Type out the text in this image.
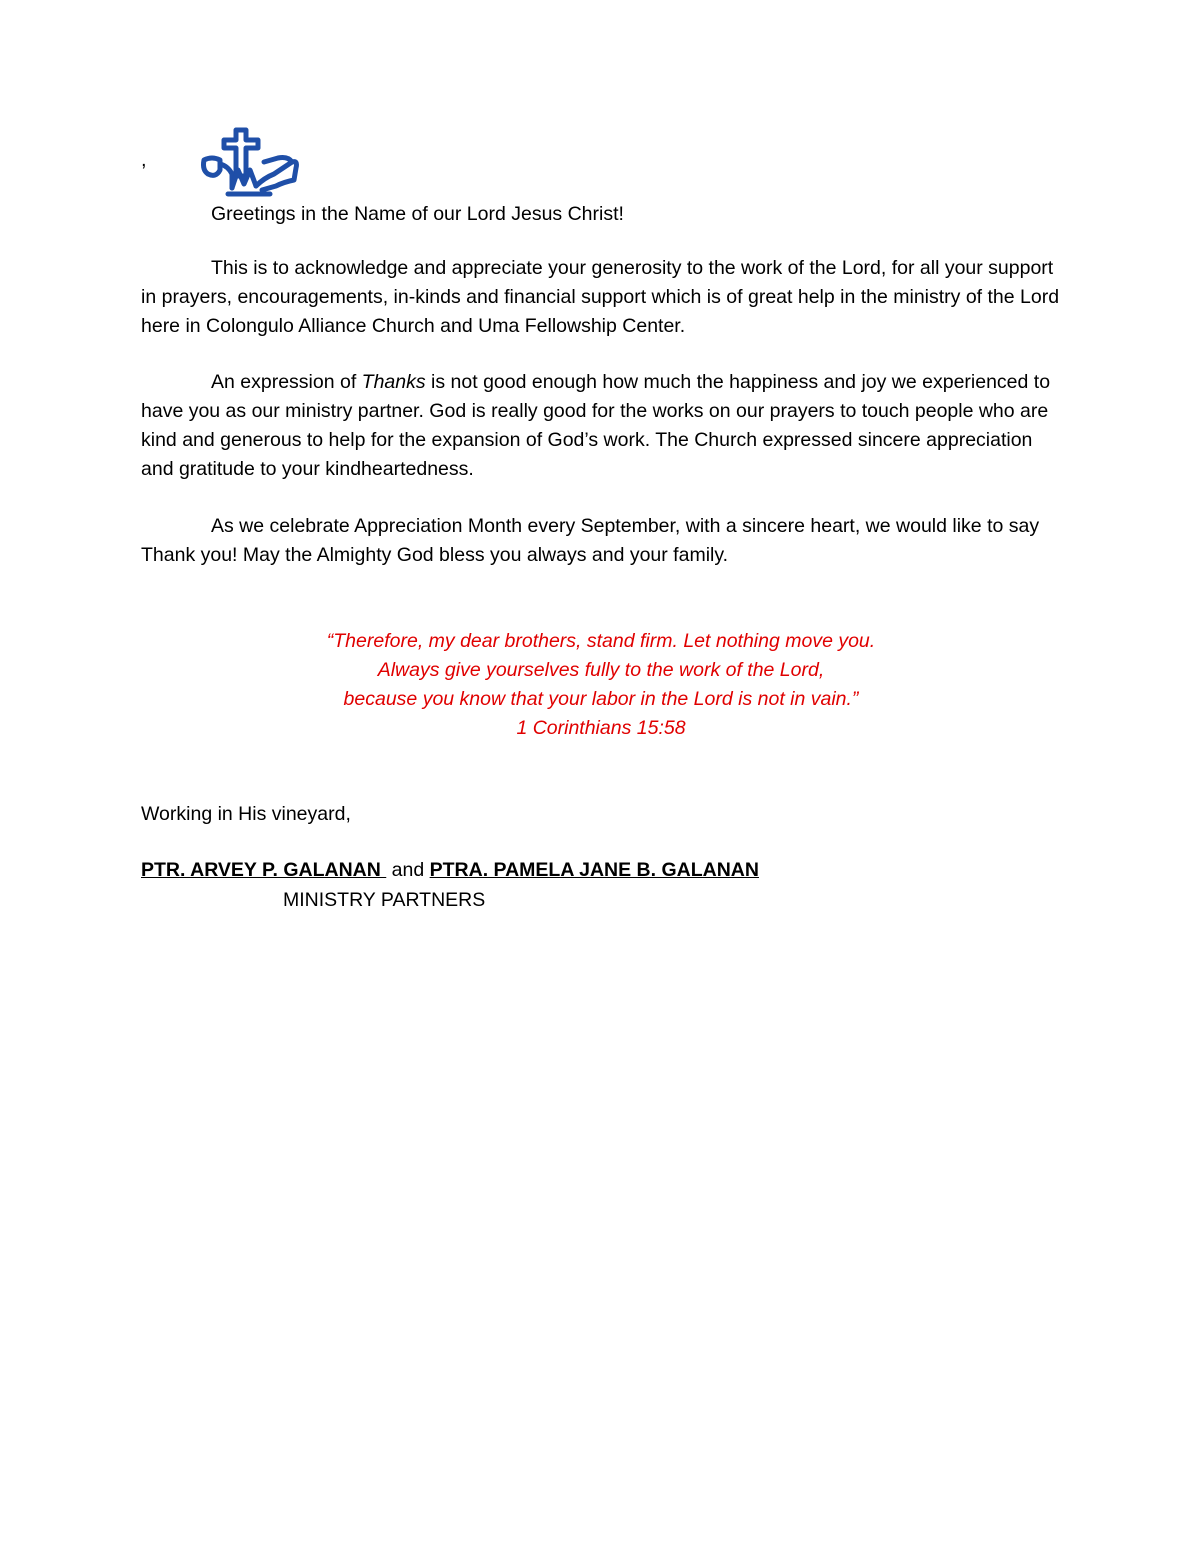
,

Greetings in the Name of our Lord Jesus Christ!

This is to acknowledge and appreciate your generosity to the work of the Lord, for all your support in prayers, encouragements, in-kinds and financial support which is of great help in the ministry of the Lord here in Colongulo Alliance Church and Uma Fellowship Center.

An expression of Thanks is not good enough how much the happiness and joy we experienced to have you as our ministry partner. God is really good for the works on our prayers to touch people who are kind and generous to help for the expansion of God’s work. The Church expressed sincere appreciation and gratitude to your kindheartedness.

As we celebrate Appreciation Month every September, with a sincere heart, we would like to say Thank you! May the Almighty God bless you always and your family.

“Therefore, my dear brothers, stand firm. Let nothing move you.
Always give yourselves fully to the work of the Lord,
because you know that your labor in the Lord is not in vain.”
1 Corinthians 15:58

Working in His vineyard,

PTR. ARVEY P. GALANAN  and PTRA. PAMELA JANE B. GALANAN
MINISTRY PARTNERS
